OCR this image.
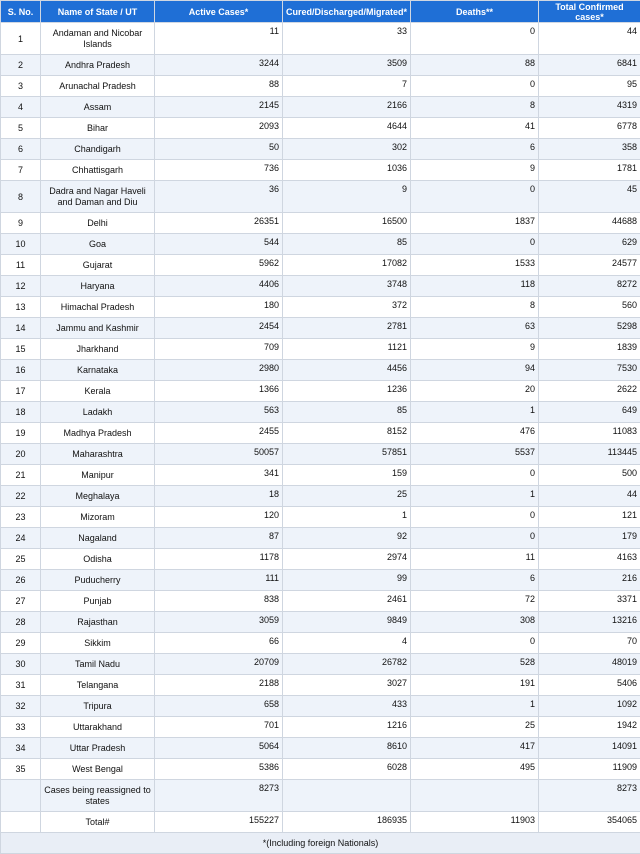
S. No.	Name of State / UT	Active Cases*	Cured/Discharged/Migrated*	Deaths**	Total Confirmed cases*
1	Andaman and Nicobar Islands	11	33	0	44
2	Andhra Pradesh	3244	3509	88	6841
3	Arunachal Pradesh	88	7	0	95
4	Assam	2145	2166	8	4319
5	Bihar	2093	4644	41	6778
6	Chandigarh	50	302	6	358
7	Chhattisgarh	736	1036	9	1781
8	Dadra and Nagar Haveli and Daman and Diu	36	9	0	45
9	Delhi	26351	16500	1837	44688
10	Goa	544	85	0	629
11	Gujarat	5962	17082	1533	24577
12	Haryana	4406	3748	118	8272
13	Himachal Pradesh	180	372	8	560
14	Jammu and Kashmir	2454	2781	63	5298
15	Jharkhand	709	1121	9	1839
16	Karnataka	2980	4456	94	7530
17	Kerala	1366	1236	20	2622
18	Ladakh	563	85	1	649
19	Madhya Pradesh	2455	8152	476	11083
20	Maharashtra	50057	57851	5537	113445
21	Manipur	341	159	0	500
22	Meghalaya	18	25	1	44
23	Mizoram	120	1	0	121
24	Nagaland	87	92	0	179
25	Odisha	1178	2974	11	4163
26	Puducherry	111	99	6	216
27	Punjab	838	2461	72	3371
28	Rajasthan	3059	9849	308	13216
29	Sikkim	66	4	0	70
30	Tamil Nadu	20709	26782	528	48019
31	Telangana	2188	3027	191	5406
32	Tripura	658	433	1	1092
33	Uttarakhand	701	1216	25	1942
34	Uttar Pradesh	5064	8610	417	14091
35	West Bengal	5386	6028	495	11909
	Cases being reassigned to states	8273			8273
	Total#	155227	186935	11903	354065
*(Including foreign Nationals)					
